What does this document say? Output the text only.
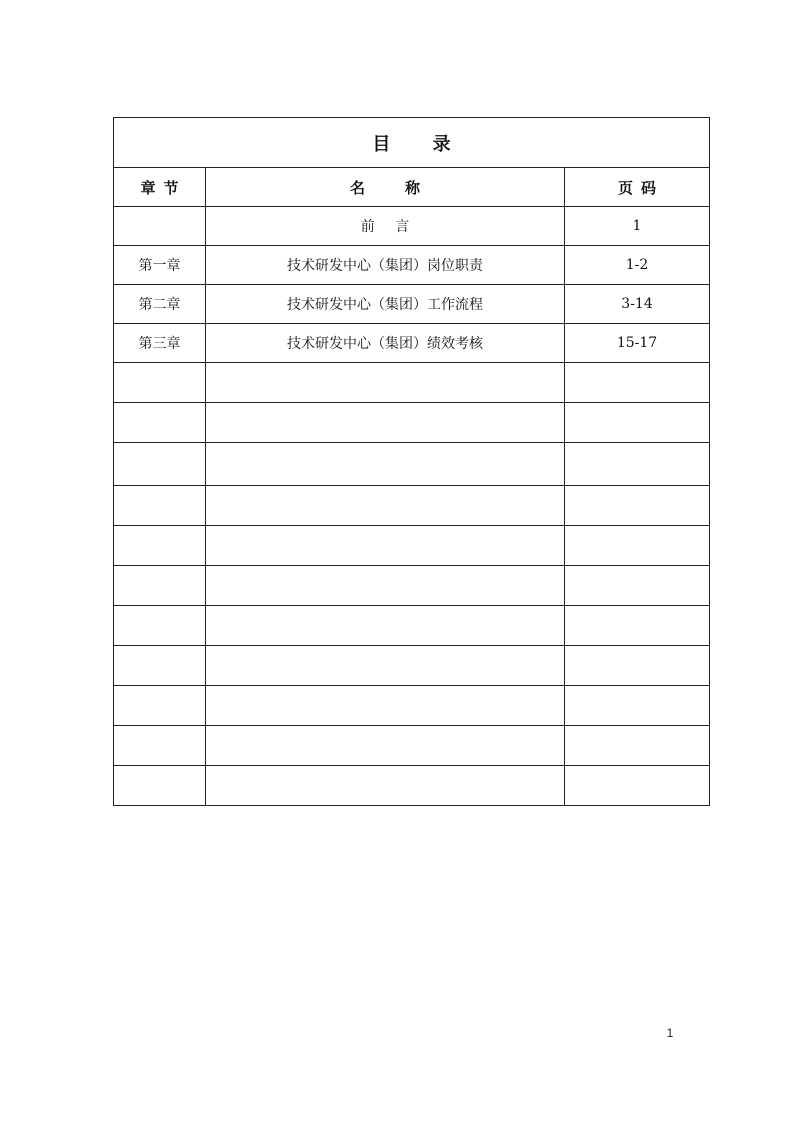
目 录		
章节	名称	页码
	前 言	1
第一章	技术研发中心（集团）岗位职责	1-2
第二章	技术研发中心（集团）工作流程	3-14
第三章	技术研发中心（集团）绩效考核	15-17

1
